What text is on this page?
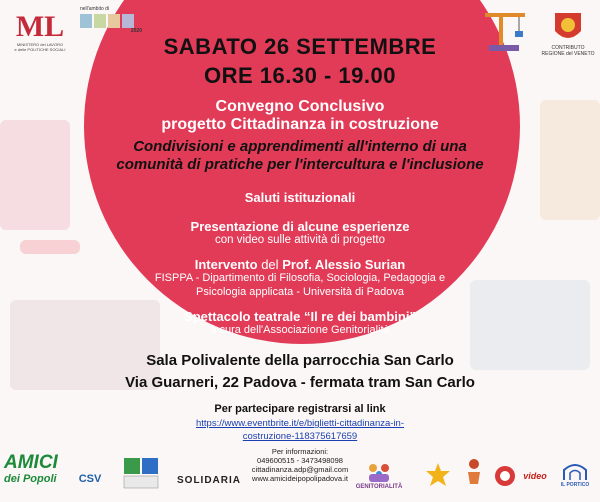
ML
MINISTERO del LAVORO
e delle POLITICHE SOCIALI
nell'ambito di
2020
CONTRIBUTO
REGIONE del VENETO
SABATO 26 SETTEMBRE
ORE 16.30 - 19.00
Convegno Conclusivo
progetto Cittadinanza in costruzione
Condivisioni e apprendimenti all'interno di una
comunità di pratiche per l'intercultura e l'inclusione
Saluti istituzionali
Presentazione di alcune esperienze
con video sulle attività di progetto
Intervento del Prof. Alessio Surian
FISPPA - Dipartimento di Filosofia, Sociologia, Pedagogia e
Psicologia applicata - Università di Padova
Spettacolo teatrale “Il re dei bambini”
a cura dell'Associazione Genitorialità
Sala Polivalente della parrocchia San Carlo
Via Guarneri, 22 Padova - fermata tram San Carlo
Per partecipare registrarsi al link
https://www.eventbrite.it/e/biglietti-cittadinanza-in-
costruzione-118375617659
Per informazioni:
049600515 - 3473498098
cittadinanza.adp@gmail.com
www.amicideipopolipadova.it
AMICI
dei Popoli CSV	SOLIDARIA
GENITORIALITÀ
video
IL PORTICO
